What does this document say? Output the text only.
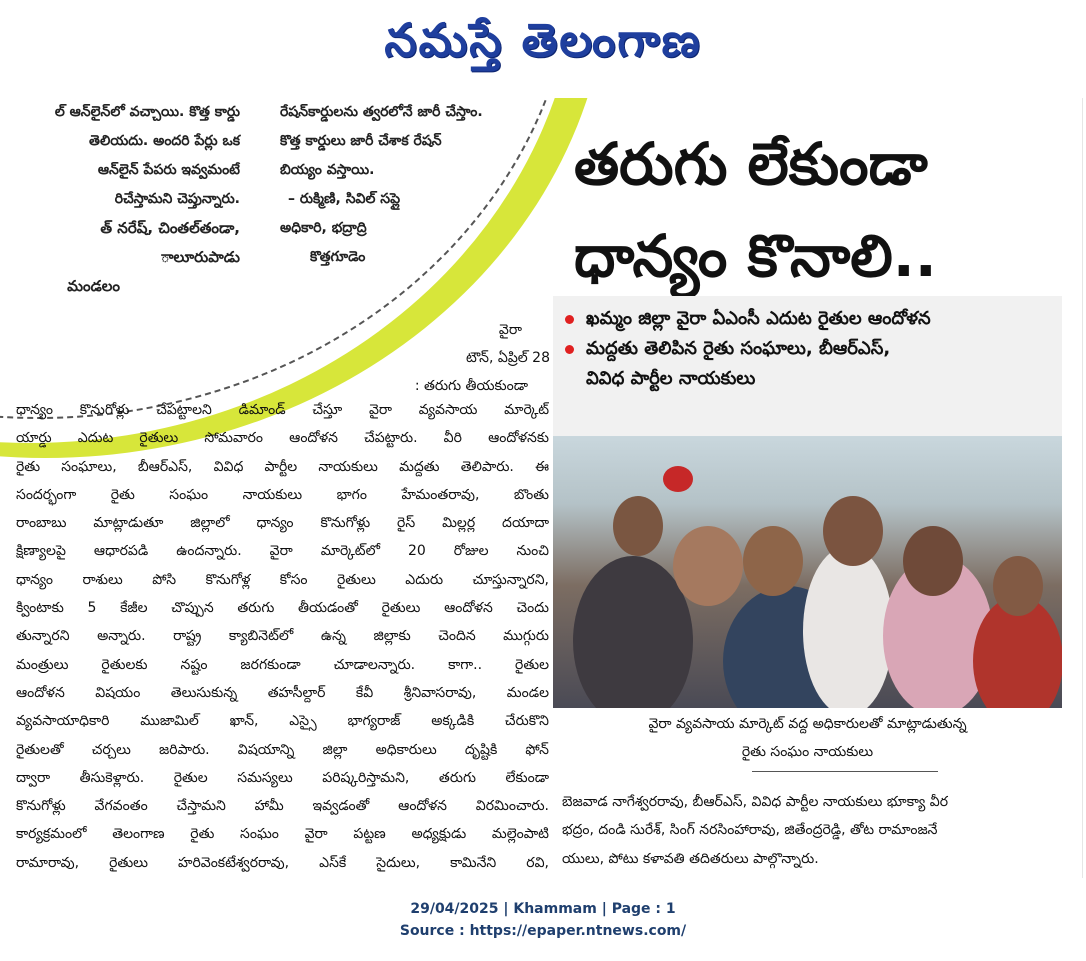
నమస్తే తెలంగాణ

ల్ ఆన్‌లైన్‌లో వచ్చాయి. కొత్త కార్డు

తెలియదు. అందరి పేర్లు ఒక

ఆన్‌లైన్ పేపరు ఇవ్వమంటే

రిచేస్తామని చెప్తున్నారు.

త్ నరేష్, చింతల్‌తండా,

ాలూరుపాడు

మండలం

రేషన్‌కార్డులను త్వరలోనే జారీ చేస్తాం.

కొత్త కార్డులు జారీ చేశాక రేషన్

బియ్యం వస్తాయి.

– రుక్మిణి, సివిల్ సప్లై

అధికారి, భద్రాద్రి

కొత్తగూడెం

తరుగు లేకుండా

ధాన్యం కొనాలి..

ఖమ్మం జిల్లా వైరా ఏఎంసీ ఎదుట రైతుల ఆందోళన
మద్దతు తెలిపిన రైతు సంఘాలు, బీఆర్‌ఎస్,
వివిధ పార్టీల నాయకులు

వైరా వ్యవసాయ మార్కెట్ వద్ద అధికారులతో మాట్లాడుతున్న

రైతు సంఘం నాయకులు

వైరా

టౌన్, ఏప్రిల్ 28

: తరుగు తీయకుండా

ధాన్యం కొనుగోళ్లు చేపట్టాలని డిమాండ్ చేస్తూ వైరా వ్యవసాయ మార్కెట్

యార్డు ఎదుట రైతులు సోమవారం ఆందోళన చేపట్టారు. వీరి ఆందోళనకు

రైతు సంఘాలు, బీఆర్‌ఎస్, వివిధ పార్టీల నాయకులు మద్దతు తెలిపారు. ఈ

సందర్భంగా రైతు సంఘం నాయకులు భాగం హేమంతరావు, బొంతు

రాంబాబు మాట్లాడుతూ జిల్లాలో ధాన్యం కొనుగోళ్లు రైస్ మిల్లర్ల దయాదా

క్షిణ్యాలపై ఆధారపడి ఉందన్నారు. వైరా మార్కెట్‌లో 20 రోజుల నుంచి

ధాన్యం రాశులు పోసి కొనుగోళ్ల కోసం రైతులు ఎదురు చూస్తున్నారని,

క్వింటాకు 5 కేజీల చొప్పున తరుగు తీయడంతో రైతులు ఆందోళన చెందు

తున్నారని అన్నారు. రాష్ట్ర క్యాబినెట్‌లో ఉన్న జిల్లాకు చెందిన ముగ్గురు

మంత్రులు రైతులకు నష్టం జరగకుండా చూడాలన్నారు. కాగా.. రైతుల

ఆందోళన విషయం తెలుసుకున్న తహసీల్దార్ కేవీ శ్రీనివాసరావు, మండల

వ్యవసాయాధికారి ముజామిల్ ఖాన్, ఎస్సై భాగ్యరాజ్ అక్కడికి చేరుకొని

రైతులతో చర్చలు జరిపారు. విషయాన్ని జిల్లా అధికారులు దృష్టికి ఫోన్

ద్వారా తీసుకెళ్లారు. రైతుల సమస్యలు పరిష్కరిస్తామని, తరుగు లేకుండా

కొనుగోళ్లు వేగవంతం చేస్తామని హామీ ఇవ్వడంతో ఆందోళన విరమించారు.

కార్యక్రమంలో తెలంగాణ రైతు సంఘం వైరా పట్టణ అధ్యక్షుడు మల్లెంపాటి

రామారావు, రైతులు హరివెంకటేశ్వరరావు, ఎస్‌కే సైదులు, కామినేని రవి,

బెజవాడ నాగేశ్వరరావు, బీఆర్‌ఎస్, వివిధ పార్టీల నాయకులు భూక్యా వీర

భద్రం, దండి సురేశ్, సింగ్ నరసింహారావు, జితేంద్రరెడ్డి, తోట రామాంజనే

యులు, పోటు కళావతి తదితరులు పాల్గొన్నారు.

29/04/2025 | Khammam | Page : 1

Source : https://epaper.ntnews.com/
